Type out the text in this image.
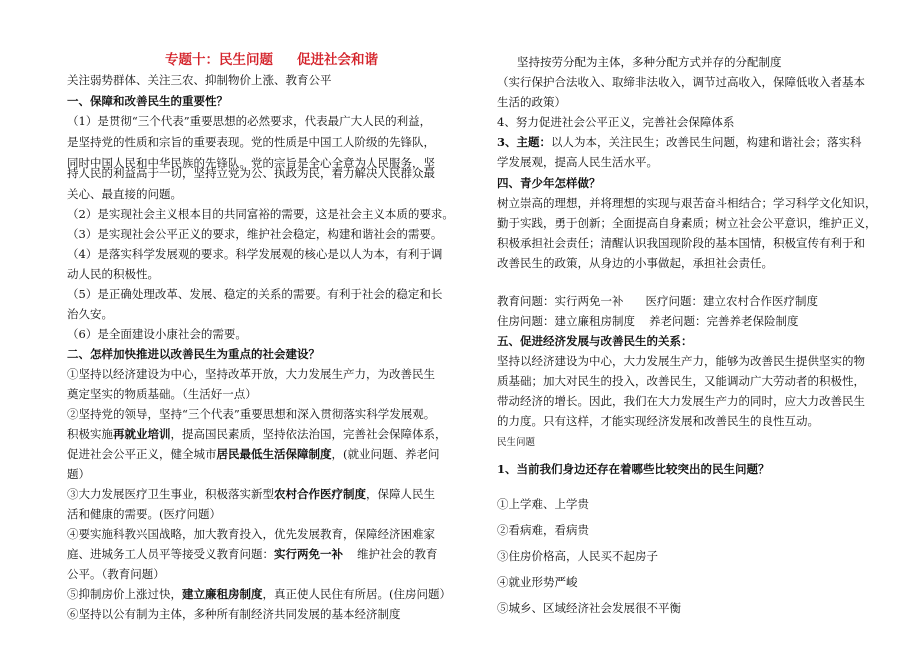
专题十：民生问题 促进社会和谐
关注弱势群体、关注三农、抑制物价上涨、教育公平
一、保障和改善民生的重要性？
（1）是贯彻“三个代表”重要思想的必然要求，代表最广大人民的利益，
是坚持党的性质和宗旨的重要表现。党的性质是中国工人阶级的先锋队，
同时中国人民和中华民族的先锋队。党的宗旨是全心全意为人民服务，坚
持人民的利益高于一切，坚持立党为公、执政为民，着力解决人民群众最
关心、最直接的问题。
（2）是实现社会主义根本目的共同富裕的需要，这是社会主义本质的要求。
（3）是实现社会公平正义的要求，维护社会稳定，构建和谐社会的需要。
（4）是落实科学发展观的要求。科学发展观的核心是以人为本，有利于调
动人民的积极性。
（5）是正确处理改革、发展、稳定的关系的需要。有利于社会的稳定和长
治久安。
（6）是全面建设小康社会的需要。
二、怎样加快推进以改善民生为重点的社会建设？
①坚持以经济建设为中心，坚持改革开放，大力发展生产力，为改善民生
奠定坚实的物质基础。（生活好一点）
②坚持党的领导，坚持“三个代表”重要思想和深入贯彻落实科学发展观。
积极实施再就业培训，提高国民素质，坚持依法治国，完善社会保障体系，
促进社会公平正义，健全城市居民最低生活保障制度，(就业问题、养老问
题）
③大力发展医疗卫生事业，积极落实新型农村合作医疗制度，保障人民生
活和健康的需要。(医疗问题）
④要实施科教兴国战略，加大教育投入，优先发展教育，保障经济困难家
庭、进城务工人员平等接受义教育问题：实行两免一补 维护社会的教育
公平。（教育问题）
⑤抑制房价上涨过快，建立廉租房制度，真正使人民住有所居。(住房问题）
⑥坚持以公有制为主体，多种所有制经济共同发展的基本经济制度
坚持按劳分配为主体，多种分配方式并存的分配制度
（实行保护合法收入、取缔非法收入，调节过高收入，保障低收入者基本
生活的政策）
4、努力促进社会公平正义，完善社会保障体系
3、主题：以人为本，关注民生；改善民生问题，构建和谐社会；落实科
学发展观，提高人民生活水平。
四、青少年怎样做？
树立崇高的理想，并将理想的实现与艰苦奋斗相结合；学习科学文化知识，
勤于实践，勇于创新；全面提高自身素质；树立社会公平意识，维护正义，
积极承担社会责任；清醒认识我国现阶段的基本国情，积极宣传有利于和
改善民生的政策，从身边的小事做起，承担社会责任。
教育问题：实行两免一补 医疗问题：建立农村合作医疗制度
住房问题：建立廉租房制度 养老问题：完善养老保险制度
五、促进经济发展与改善民生的关系：
坚持以经济建设为中心，大力发展生产力，能够为改善民生提供坚实的物
质基础；加大对民生的投入，改善民生，又能调动广大劳动者的积极性，
带动经济的增长。因此，我们在大力发展生产力的同时，应大力改善民生
的力度。只有这样，才能实现经济发展和改善民生的良性互动。
民生问题
1、当前我们身边还存在着哪些比较突出的民生问题？
①上学难、上学贵
②看病难，看病贵
③住房价格高，人民买不起房子
④就业形势严峻
⑤城乡、区域经济社会发展很不平衡
